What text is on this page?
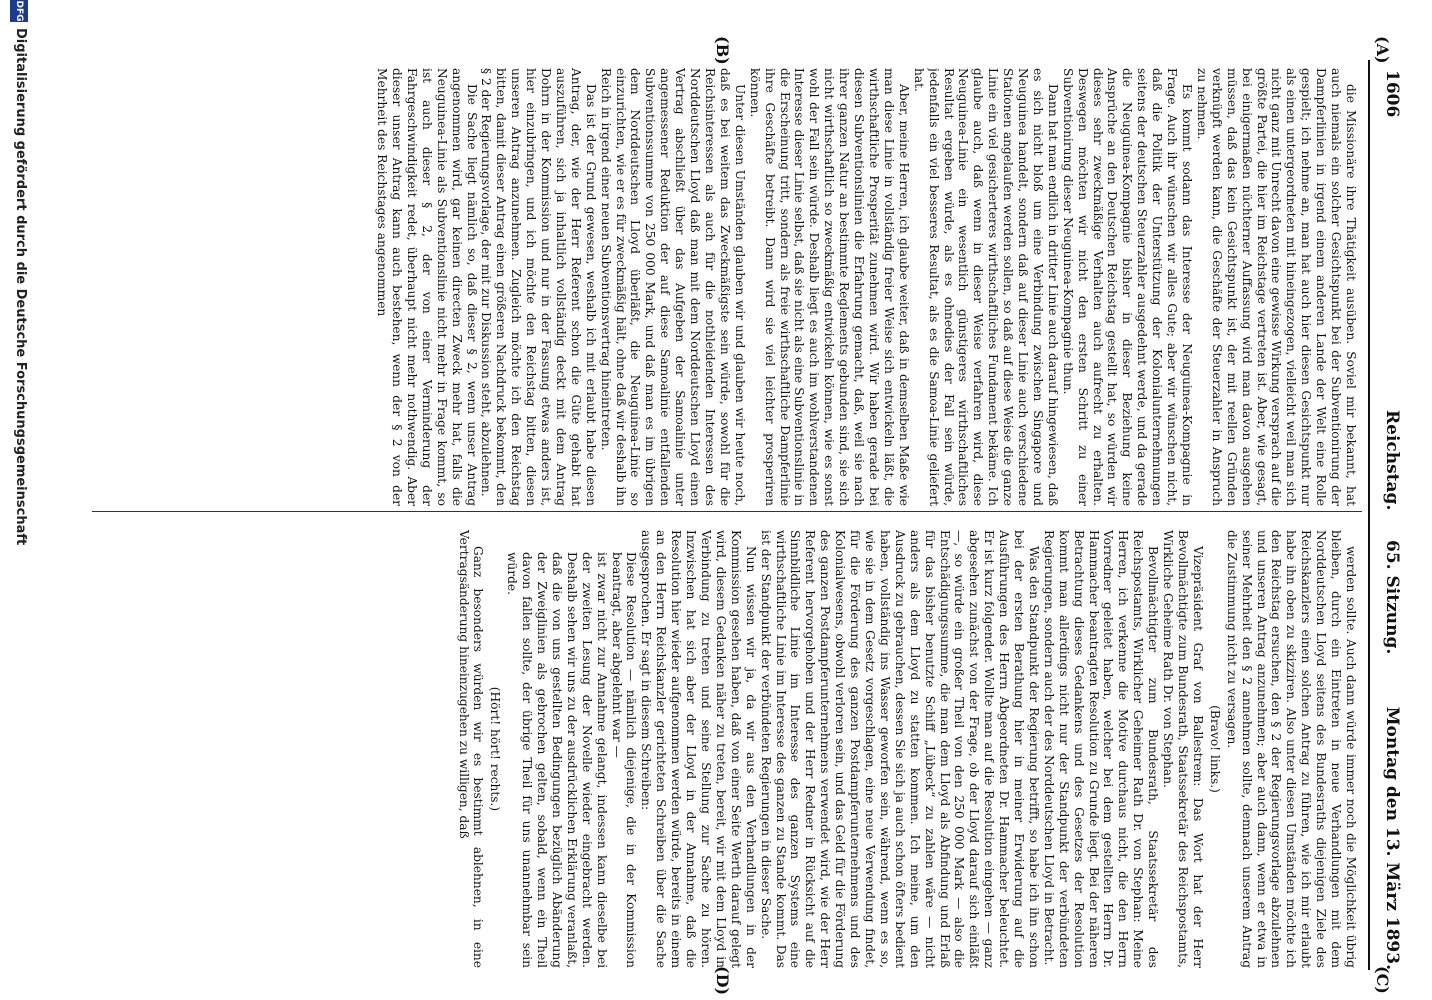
1606
Reichstag.
65. Sitzung.
Montag den 13. März 1893.
(A)
(B)
(C)
(D)

die Missionäre ihre Thätigkeit ausüben. Soviel mir bekannt, hat auch niemals ein solcher Gesichtspunkt bei der Subventionirung der Dampferlinien in irgend einem anderen Lande der Welt eine Rolle gespielt; ich nehme an, man hat auch hier diesen Gesichtspunkt nur als einen untergeordneten mit hineingezogen, vielleicht weil man sich nicht ganz mit Unrecht davon eine gewisse Wirkung versprach auf die größte Partei, die hier im Reichstage vertreten ist. Aber, wie gesagt, bei einigermaßen nüchterner Auffassung wird man davon ausgehen müssen, daß das kein Gesichtspunkt ist, der mit reellen Gründen verknüpft werden kann, die Geschäfte der Steuerzahler in Anspruch zu nehmen.

Es kommt sodann das Interesse der Neuguinea-Kompagnie in Frage. Auch ihr wünschen wir alles Gute; aber wir wünschen nicht, daß die Politik der Unterstützung der Kolonialunternehmungen seitens der deutschen Steuerzahler ausgedehnt werde, und da gerade die Neuguinea-Kompagnie bisher in dieser Beziehung keine Ansprüche an den Deutschen Reichstag gestellt hat, so würden wir dieses sehr zweckmäßige Verhalten auch aufrecht zu erhalten. Deswegen möchten wir nicht den ersten Schritt zu einer Subventionirung dieser Neuguinea-Kompagnie thun.

Dann hat man endlich in dritter Linie auch darauf hingewiesen, daß es sich nicht bloß um eine Verbindung zwischen Singapore und Neuguinea handelt, sondern daß auf dieser Linie auch verschiedene Stationen angelaufen werden sollen, so daß auf diese Weise die ganze Linie ein viel gesicherteres wirthschaftliches Fundament bekäme. Ich glaube auch, daß wenn in dieser Weise verfahren wird, diese Neuguinea-Linie ein wesentlich günstigeres wirthschaftliches Resultat ergeben würde, als es ohnedies der Fall sein würde, jedenfalls ein viel besseres Resultat, als es die Samoa-Linie geliefert hat.

Aber, meine Herren, ich glaube weiter, daß in demselben Maße wie man diese Linie in vollständig freier Weise sich entwickeln läßt, die wirthschaftliche Prosperität zunehmen wird. Wir haben gerade bei diesen Subventionslinien die Erfahrung gemacht, daß, weil sie nach ihrer ganzen Natur an bestimmte Reglements gebunden sind, sie sich nicht wirthschaftlich so zweckmäßig entwickeln können, wie es sonst wohl der Fall sein würde. Deshalb liegt es auch im wohlverstandenen Interesse dieser Linie selbst, daß sie nicht als eine Subventionslinie in die Erscheinung tritt, sondern als freie wirthschaftliche Dampferlinie ihre Geschäfte betreibt. Dann wird sie viel leichter prosperiren können.

Unter diesen Umständen glauben wir und glauben wir heute noch, daß es bei weitem das Zweckmäßigste sein würde, sowohl für die Reichsinteressen als auch für die nothleidenden Interessen des Norddeutschen Lloyd daß man mit dem Norddeutschen Lloyd einen Vertrag abschließt über das Aufgeben der Samoalinie unter angemessener Reduktion der auf diese Samoalinie entfallenden Subventionssumme von 250 000 Mark, und daß man es im übrigen dem Norddeutschen Lloyd überläßt, die Neuguinea-Linie so einzurichten, wie er es für zweckmäßig hält, ohne daß wir deshalb ihn Reich in irgend einer neuen Subventionsvertrag hineintreten.

Das ist der Grund gewesen, weshalb ich mit erlaubt habe diesen Antrag, der, wie der Herr Referent schon die Güte gehabt hat auszuführen, sich ja inhaltlich vollständig deckt mit dem Antrag Dohrn in der Kommission und nur in der Fassung etwas anders ist, hier einzubringen, und ich möchte den Reichstag bitten, diesen unseren Antrag anzunehmen. Zugleich möchte ich den Reichstag bitten, damit dieser Antrag einen größeren Nachdruck bekommt, den § 2 der Regierungsvorlage, der mit zur Diskussion steht, abzulehnen.

Die Sache liegt nämlich so, daß dieser § 2, wenn unser Antrag angenommen wird, gar keinen directen Zweck mehr hat, falls die Neuguinea-Linie als Subventionslinie nicht mehr in Frage kommt, so ist auch dieser § 2, der von einer Verminderung der Fahrgeschwindigkeit redet, überhaupt nicht mehr nothwendig. Aber dieser unser Antrag kann auch bestehen, wenn der § 2 von der Mehrheit des Reichstages angenommen

werden sollte. Auch dann würde immer noch die Möglichkeit übrig bleiben, durch ein Eintreten in neue Verhandlungen mit dem Norddeutschen Lloyd seitens des Bundesraths diejenigen Ziele des Reichskanzlers einen solchen Antrag zu führen, wie ich mir erlaubt habe ihn oben zu skizziren. Also unter diesen Umständen möchte ich den Reichstag ersuchen, den § 2 der Regierungsvorlage abzulehnen und unseren Antrag anzunehmen; aber auch dann, wenn er etwa in seiner Mehrheit den § 2 annehmen sollte, demnach unserem Antrag die Zustimmung nicht zu versagen.

(Bravo! links.)

Vizepräsident Graf von Ballestrem: Das Wort hat der Herr Bevollmächtigte zum Bundesrath, Staatssekretär des Reichspostamts, Wirkliche Geheime Rath Dr. von Stephan.

Bevollmächtigter zum Bundesrath, Staatssekretär des Reichspostamts, Wirklicher Geheimer Rath Dr. von Stephan: Meine Herren, ich verkenne die Motive durchaus nicht, die den Herrn Vorredner geleitet haben, welcher bei dem gestellten Herrn Dr. Hammacher beantragten Resolution zu Grunde liegt. Bei der näheren Betrachtung dieses Gedankens und des Gesetzes der Resolution kommt man allerdings nicht nur der Standpunkt der verbündeten Regierungen, sondern auch der des Norddeutschen Lloyd in Betracht.

Was den Standpunkt der Regierung betrifft, so habe ich ihn schon bei der ersten Berathung hier in meiner Erwiderung auf die Ausführungen des Herrn Abgeordneten Dr. Hammacher beleuchtet. Er ist kurz folgender. Wollte man auf die Resolution eingehen — ganz abgesehen zunächst von der Frage, ob der Lloyd darauf sich einläßt —, so würde ein großer Theil von den 250 000 Mark — also die Entschädigungssumme, die man dem Lloyd als Abfindung und Erlaß für das bisher benutzte Schiff „Lübeck“ zu zahlen wäre — nicht anders als dem Lloyd zu statten kommen. Ich meine, um den Ausdruck zu gebrauchen, dessen Sie sich ja auch schon öfters bedient haben, vollständig ins Wasser geworfen sein, während, wenn es so, wie sie in dem Gesetz vorgeschlagen, eine neue Verwendung findet, für die Förderung des ganzen Postdampferunternehmens und des Kolonialwesens, obwohl verloren sein, und das Geld für die Förderung des ganzen Postdampferunternehmens verwendet wird, wie der Herr Referent hervorgehoben und der Herr Redner in Rücksicht auf die Sinnbildliche Linie im Interesse des ganzen Systems eine wirthschaftliche Linie im Interesse des ganzen zu Stande kommt. Das ist der Standpunkt der verbündeten Regierungen in dieser Sache.

Nun wissen wir ja, da wir aus den Verhandlungen in der Kommission gesehen haben, daß von einer Seite Werth darauf gelegt wird, diesem Gedanken näher zu treten, bereit, wir mit dem Lloyd in Verbindung zu treten und seine Stellung zur Sache zu hören. Inzwischen hat sich aber der Lloyd in der Annahme, daß die Resolution hier wieder aufgenommen werden würde, bereits in einem an den Herrn Reichskanzler gerichteten Schreiben über die Sache ausgesprochen. Er sagt in diesem Schreiben:

Diese Resolution — nämlich diejenige, die in der Kommission beantragt, aber abgelehnt war —

ist zwar nicht zur Annahme gelangt, indessen kann dieselbe bei der zweiten Lesung der Novelle wieder eingebracht werden. Deshalb sehen wir uns zu der ausdrücklichen Erklärung veranlaßt, daß die von uns gestellten Bedingungen bezüglich Abänderung der Zweiglinien als gebrochen gelten, sobald, wenn ein Theil davon fallen sollte, der übrige Theil für uns unannehmbar sein würde.

(Hört! hört! rechts.)

Ganz besonders würden wir es bestimmt ablehnen, in eine Vertragsänderung hineinzugehen zu willigen, daß

DFG
Digitalisierung gefördert durch die Deutsche Forschungsgemeinschaft
